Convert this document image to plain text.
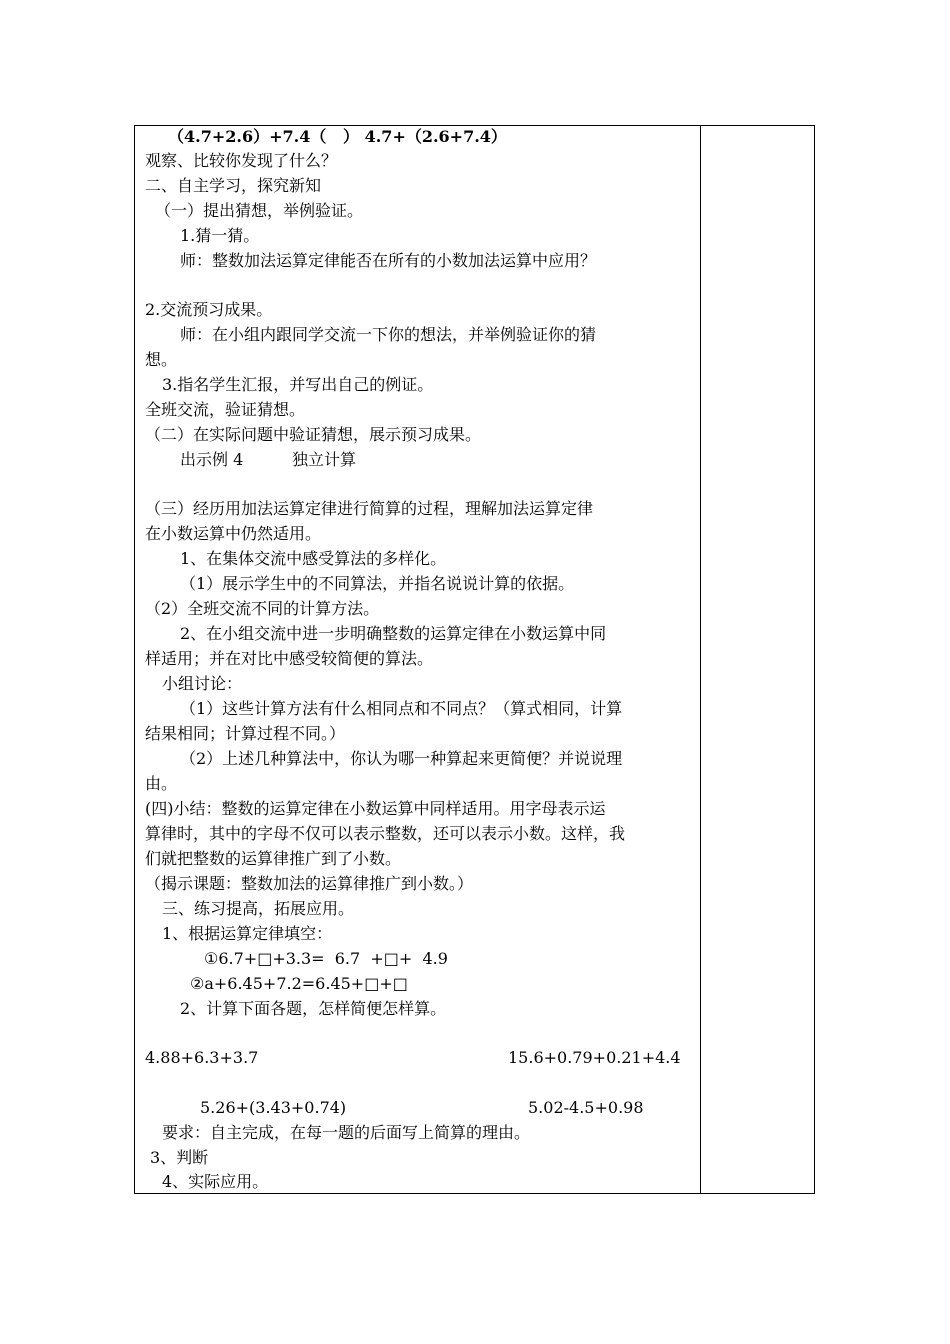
（4.7+2.6）+7.4（   ） 4.7+（2.6+7.4）
观察、比较你发现了什么？
二、自主学习，探究新知
（一）提出猜想，举例验证。
1.猜一猜。
师：整数加法运算定律能否在所有的小数加法运算中应用？
2.交流预习成果。
师：在小组内跟同学交流一下你的想法，并举例验证你的猜
想。
3.指名学生汇报，并写出自己的例证。
全班交流，验证猜想。
（二）在实际问题中验证猜想，展示预习成果。
出示例 4	独立计算
（三）经历用加法运算定律进行简算的过程，理解加法运算定律
在小数运算中仍然适用。
1、在集体交流中感受算法的多样化。
（1）展示学生中的不同算法，并指名说说计算的依据。
（2）全班交流不同的计算方法。
2、在小组交流中进一步明确整数的运算定律在小数运算中同
样适用；并在对比中感受较简便的算法。
小组讨论：
（1）这些计算方法有什么相同点和不同点？（算式相同，计算
结果相同；计算过程不同。）
（2）上述几种算法中，你认为哪一种算起来更简便？并说说理
由。
(四)小结：整数的运算定律在小数运算中同样适用。用字母表示运
算律时，其中的字母不仅可以表示整数，还可以表示小数。这样，我
们就把整数的运算律推广到了小数。
（揭示课题：整数加法的运算律推广到小数。）
三、练习提高，拓展应用。
1、根据运算定律填空：
①6.7+□+3.3=  6.7  +□+  4.9
②a+6.45+7.2=6.45+□+□
2、计算下面各题，怎样简便怎样算。
4.88+6.3+3.7	15.6+0.79+0.21+4.4
5.26+(3.43+0.74)	5.02-4.5+0.98
要求：自主完成，在每一题的后面写上简算的理由。
3、判断
4、实际应用。
